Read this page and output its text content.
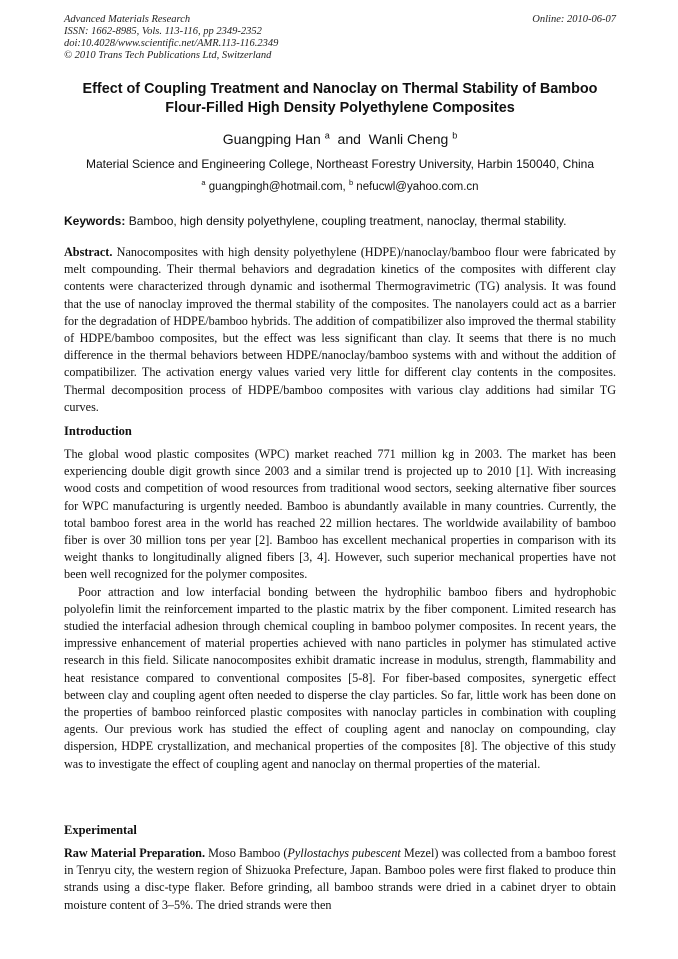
Advanced Materials Research
ISSN: 1662-8985, Vols. 113-116, pp 2349-2352
doi:10.4028/www.scientific.net/AMR.113-116.2349
© 2010 Trans Tech Publications Ltd, Switzerland
Online: 2010-06-07
Effect of Coupling Treatment and Nanoclay on Thermal Stability of Bamboo Flour-Filled High Density Polyethylene Composites
Guangping Han $^a$  and  Wanli Cheng $^b$
Material Science and Engineering College, Northeast Forestry University, Harbin 150040, China
$^a$ guangpingh@hotmail.com, $^b$ nefucwl@yahoo.com.cn
Keywords: Bamboo, high density polyethylene, coupling treatment, nanoclay, thermal stability.
Abstract. Nanocomposites with high density polyethylene (HDPE)/nanoclay/bamboo flour were fabricated by melt compounding. Their thermal behaviors and degradation kinetics of the composites with different clay contents were characterized through dynamic and isothermal Thermogravimetric (TG) analysis. It was found that the use of nanoclay improved the thermal stability of the composites. The nanolayers could act as a barrier for the degradation of HDPE/bamboo hybrids. The addition of compatibilizer also improved the thermal stability of HDPE/bamboo composites, but the effect was less significant than clay. It seems that there is no much difference in the thermal behaviors between HDPE/nanoclay/bamboo systems with and without the addition of compatibilizer. The activation energy values varied very little for different clay contents in the composites. Thermal decomposition process of HDPE/bamboo composites with various clay additions had similar TG curves.
Introduction

The global wood plastic composites (WPC) market reached 771 million kg in 2003. The market has been experiencing double digit growth since 2003 and a similar trend is projected up to 2010 [1]. With increasing wood costs and competition of wood resources from traditional wood sectors, seeking alternative fiber sources for WPC manufacturing is urgently needed. Bamboo is abundantly available in many countries. Currently, the total bamboo forest area in the world has reached 22 million hectares. The worldwide availability of bamboo fiber is over 30 million tons per year [2]. Bamboo has excellent mechanical properties in comparison with its weight thanks to longitudinally aligned fibers [3, 4]. However, such superior mechanical properties have not been well recognized for the polymer composites.

Poor attraction and low interfacial bonding between the hydrophilic bamboo fibers and hydrophobic polyolefin limit the reinforcement imparted to the plastic matrix by the fiber component. Limited research has studied the interfacial adhesion through chemical coupling in bamboo polymer composites. In recent years, the impressive enhancement of material properties achieved with nano particles in polymer has stimulated active research in this field. Silicate nanocomposites exhibit dramatic increase in modulus, strength, flammability and heat resistance compared to conventional composites [5-8]. For fiber-based composites, synergetic effect between clay and coupling agent often needed to disperse the clay particles. So far, little work has been done on the properties of bamboo reinforced plastic composites with nanoclay particles in combination with coupling agents. Our previous work has studied the effect of coupling agent and nanoclay on compounding, clay dispersion, HDPE crystallization, and mechanical properties of the composites [8]. The objective of this study was to investigate the effect of coupling agent and nanoclay on thermal properties of the material.

Experimental

Raw Material Preparation. Moso Bamboo (Pyllostachys pubescent Mezel) was collected from a bamboo forest in Tenryu city, the western region of Shizuoka Prefecture, Japan. Bamboo poles were first flaked to produce thin strands using a disc-type flaker. Before grinding, all bamboo strands were dried in a cabinet dryer to obtain moisture content of 3–5%. The dried strands were then
